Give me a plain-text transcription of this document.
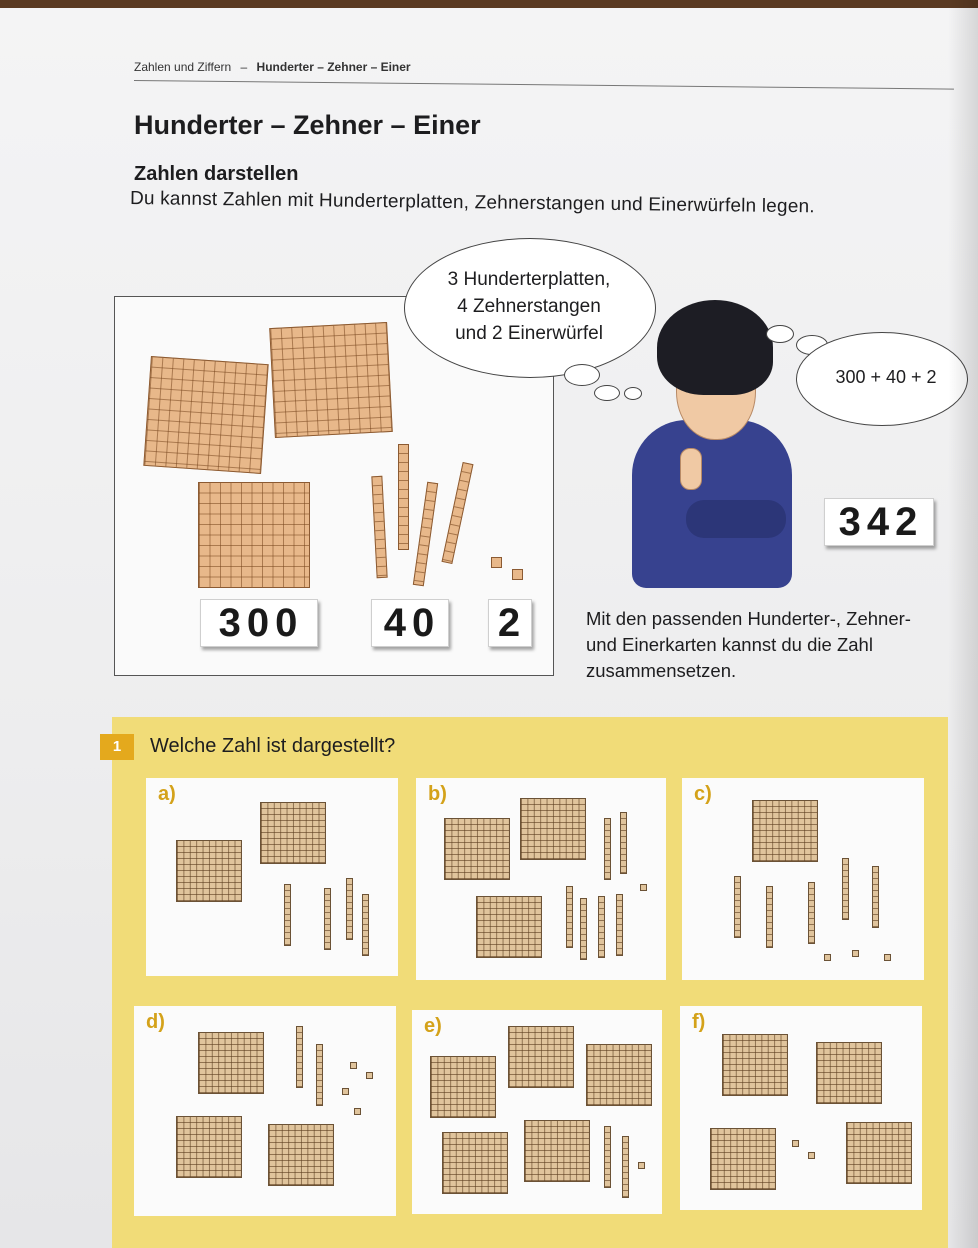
Zahlen und Ziffern – Hunderter – Zehner – Einer
Hunderter – Zehner – Einer
Zahlen darstellen
Du kannst Zahlen mit Hunderterplatten, Zehnerstangen und Einerwürfeln legen.
300	40 2
3 Hunderterplatten,
4 Zehnerstangen
und 2 Einerwürfel
300 + 40 + 2
342
Mit den passenden Hunderter-, Zehner-
und Einerkarten kannst du die Zahl
zusammensetzen.
1	Welche Zahl ist dargestellt?
a)	b)	c)
d)	e)	f)
